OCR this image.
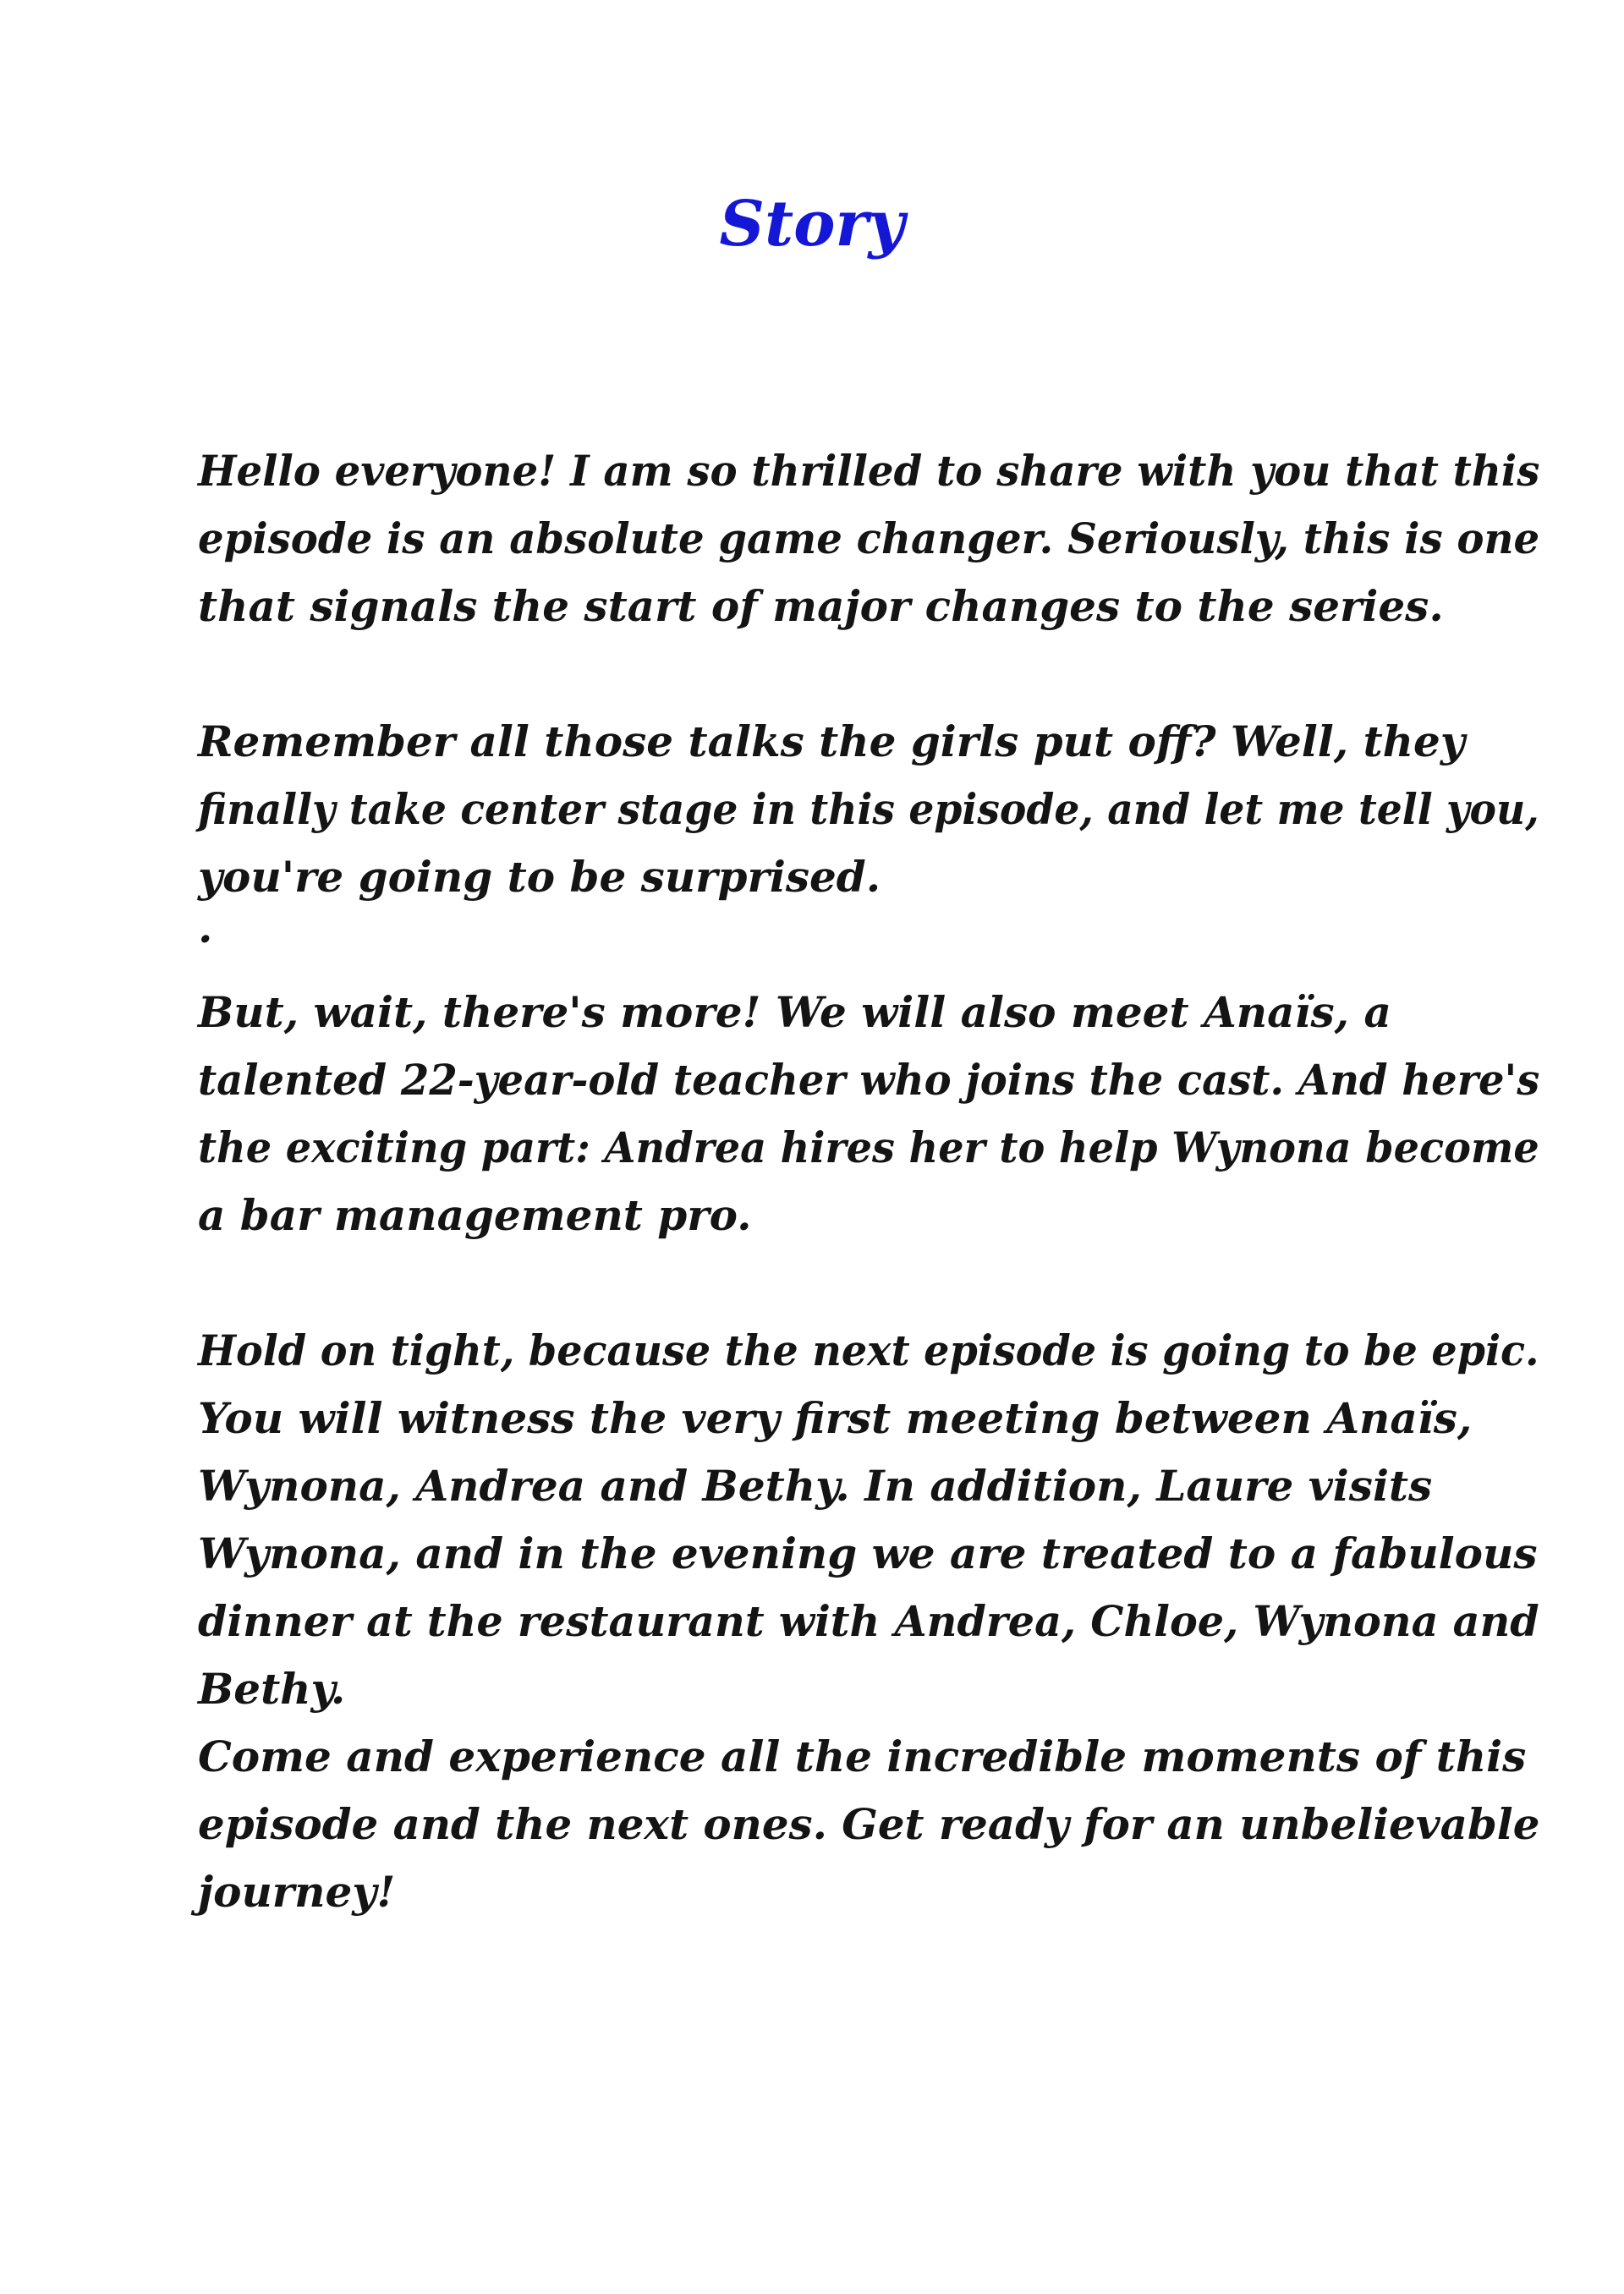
Story
Hello everyone! I am so thrilled to share with you that this
episode is an absolute game changer. Seriously, this is one
that signals the start of major changes to the series.
Remember all those talks the girls put off? Well, they
finally take center stage in this episode, and let me tell you,
you're going to be surprised.
.
But, wait, there's more! We will also meet Anaïs, a
talented 22-year-old teacher who joins the cast. And here's
the exciting part: Andrea hires her to help Wynona become
a bar management pro.
Hold on tight, because the next episode is going to be epic.
You will witness the very first meeting between Anaïs,
Wynona, Andrea and Bethy. In addition, Laure visits
Wynona, and in the evening we are treated to a fabulous
dinner at the restaurant with Andrea, Chloe, Wynona and
Bethy.
Come and experience all the incredible moments of this
episode and the next ones. Get ready for an unbelievable
journey!
